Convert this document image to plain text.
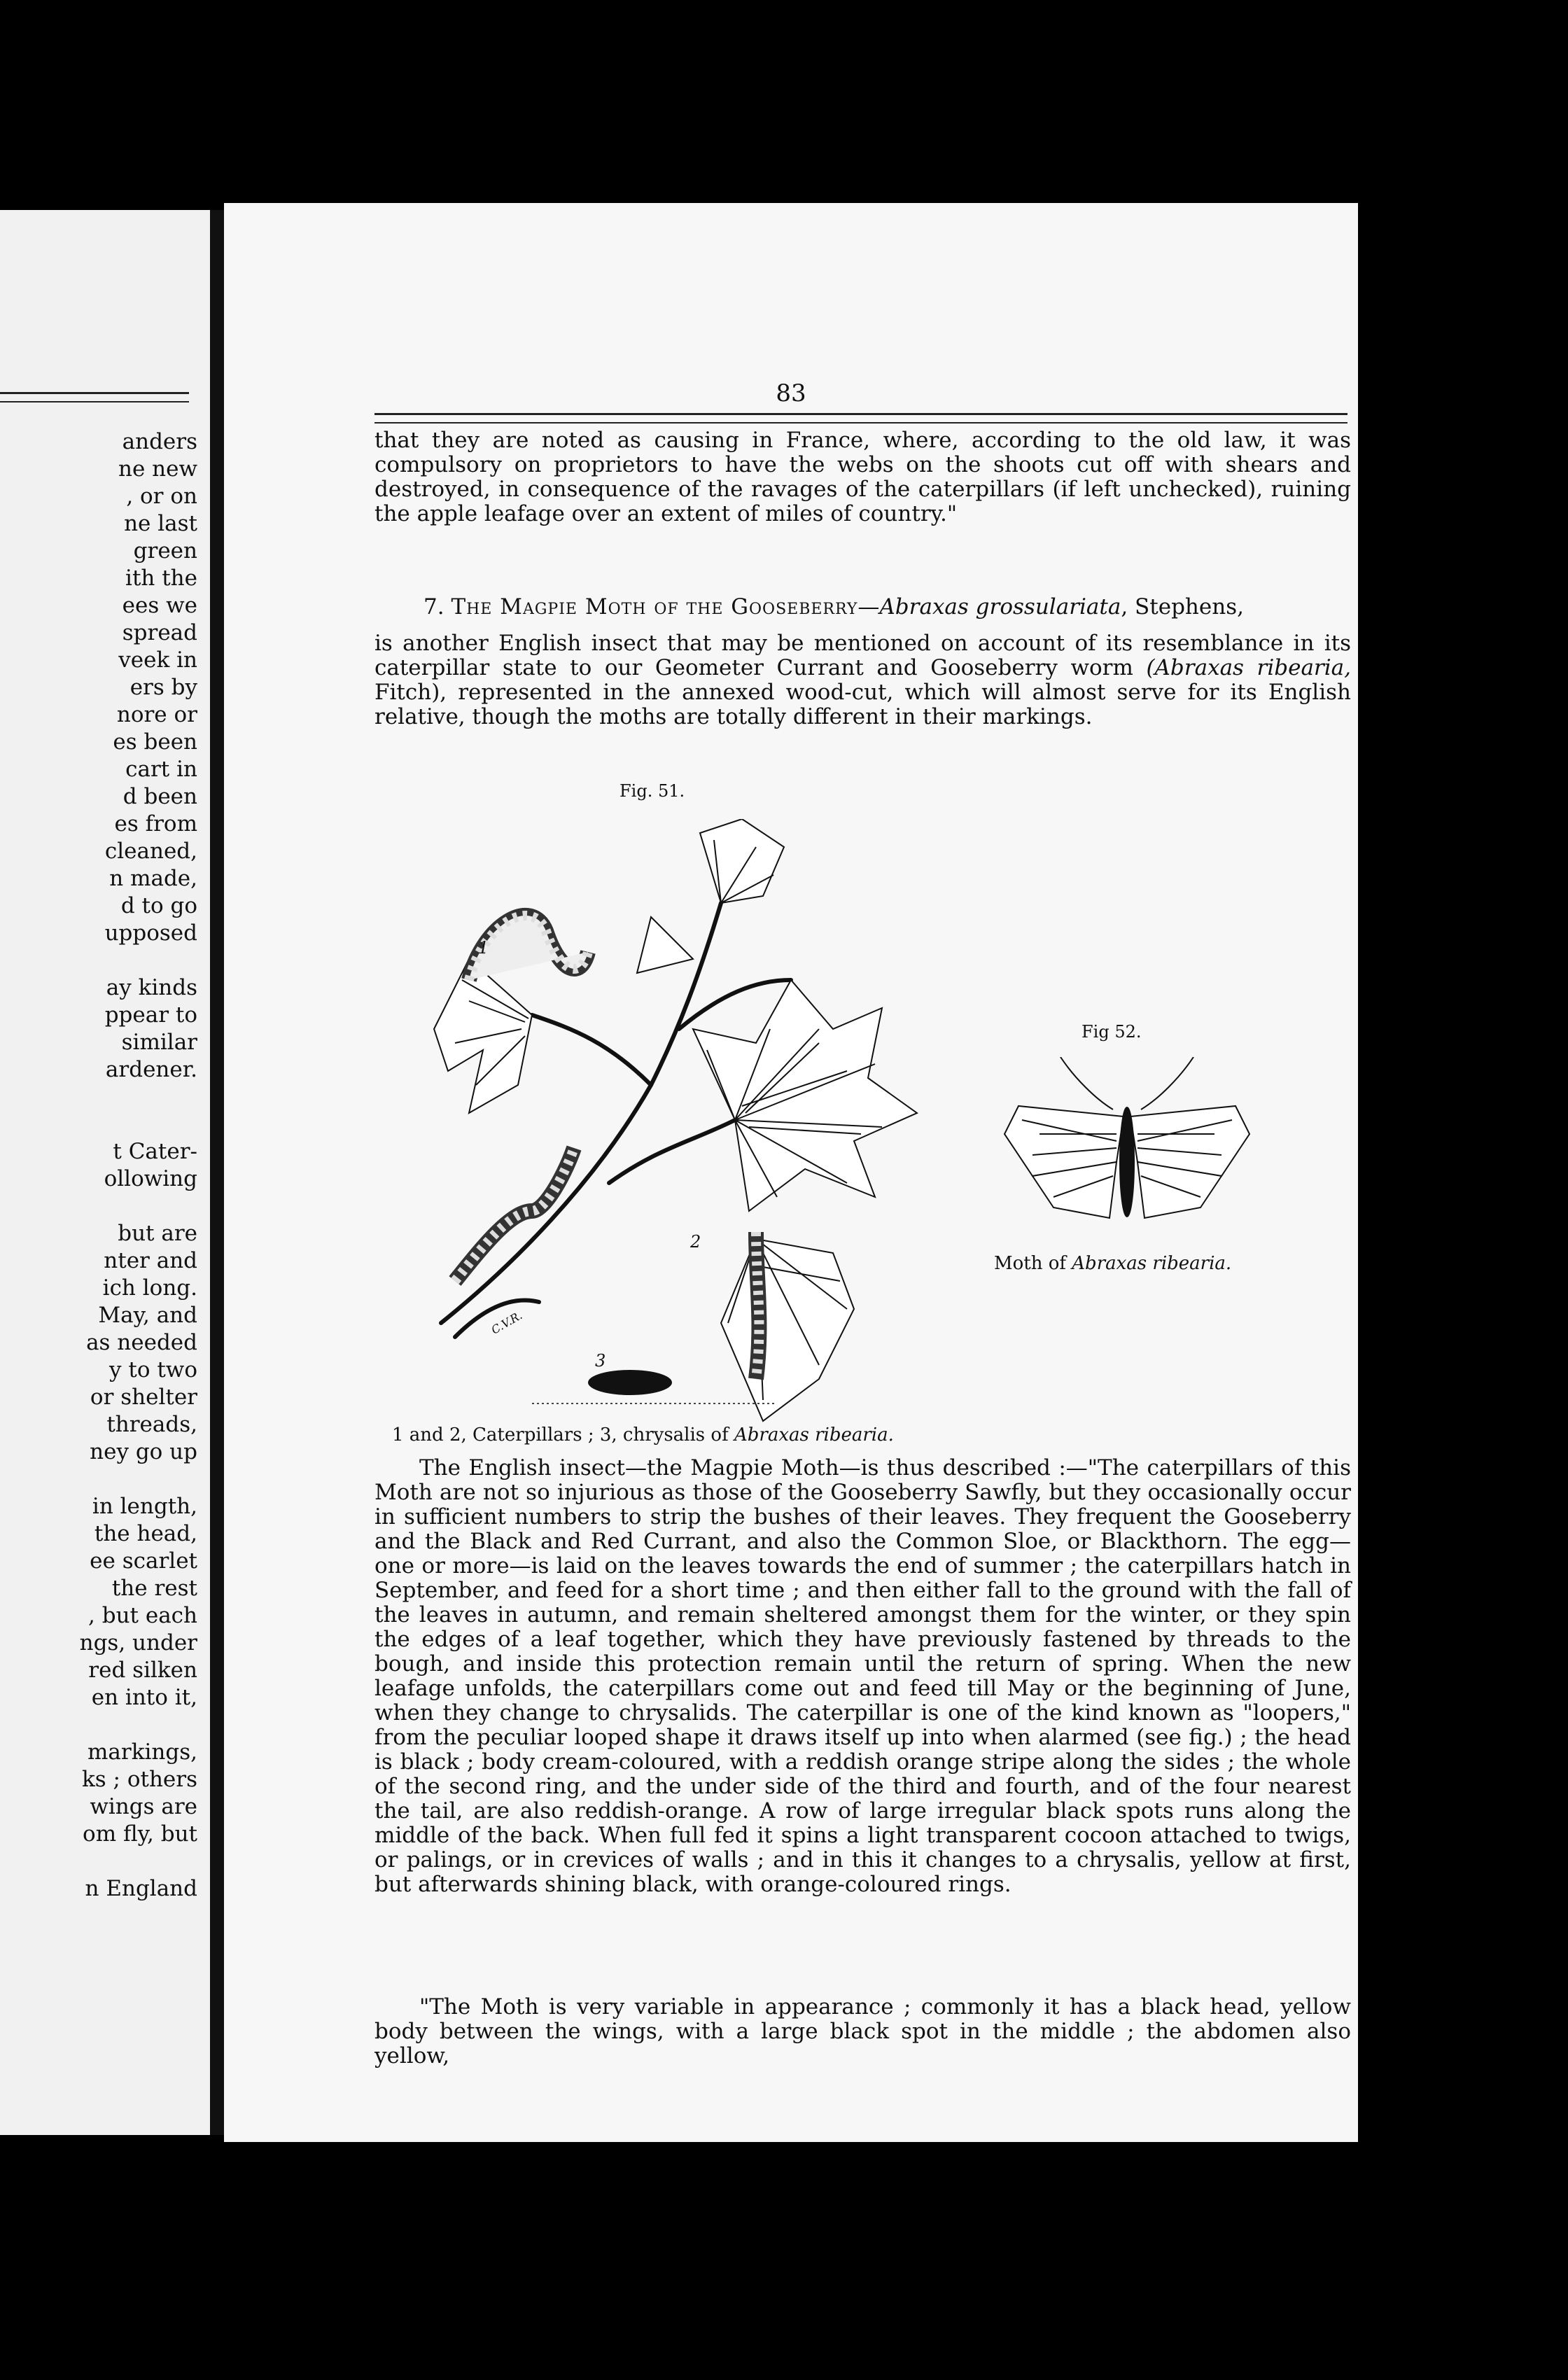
anders
ne new
, or on
ne last
green
ith the
ees we
spread
veek in
ers by
nore or
es been
cart in
d been
es from
cleaned,
n made,
d to go
upposed

ay kinds
ppear to
similar
ardener.

t Cater-
ollowing

but are
nter and
ich long.
May, and
as needed
y to two
or shelter
threads,
ney go up

in length,
the head,
ee scarlet
the rest
, but each
ngs, under
red silken
en into it,

markings,
ks ; others
wings are
om fly, but

n England
83

that they are noted as causing in France, where, according to the old law, it was compulsory on proprietors to have the webs on the shoots cut off with shears and destroyed, in consequence of the ravages of the caterpillars (if left unchecked), ruining the apple leafage over an extent of miles of country."

7. The Magpie Moth of the Gooseberry—Abraxas grossulariata, Stephens,

is another English insect that may be mentioned on account of its resemblance in its caterpillar state to our Geometer Currant and Gooseberry worm (Abraxas ribearia, Fitch), represented in the annexed wood-cut, which will almost serve for its English relative, though the moths are totally different in their markings.

Fig. 51.
1
2
3
C.V.R.
1 and 2, Caterpillars ; 3, chrysalis of Abraxas ribearia.
Fig 52.
Moth of Abraxas ribearia.

The English insect—the Magpie Moth—is thus described :—"The caterpillars of this Moth are not so injurious as those of the Gooseberry Sawfly, but they occasionally occur in sufficient numbers to strip the bushes of their leaves. They frequent the Gooseberry and the Black and Red Currant, and also the Common Sloe, or Blackthorn. The egg—one or more—is laid on the leaves towards the end of summer ; the caterpillars hatch in September, and feed for a short time ; and then either fall to the ground with the fall of the leaves in autumn, and remain sheltered amongst them for the winter, or they spin the edges of a leaf together, which they have previously fastened by threads to the bough, and inside this protection remain until the return of spring. When the new leafage unfolds, the caterpillars come out and feed till May or the beginning of June, when they change to chrysalids. The caterpillar is one of the kind known as "loopers," from the peculiar looped shape it draws itself up into when alarmed (see fig.) ; the head is black ; body cream-coloured, with a reddish orange stripe along the sides ; the whole of the second ring, and the under side of the third and fourth, and of the four nearest the tail, are also reddish-orange. A row of large irregular black spots runs along the middle of the back. When full fed it spins a light transparent cocoon attached to twigs, or palings, or in crevices of walls ; and in this it changes to a chrysalis, yellow at first, but afterwards shining black, with orange-coloured rings.

"The Moth is very variable in appearance ; commonly it has a black head, yellow body between the wings, with a large black spot in the middle ; the abdomen also yellow,
